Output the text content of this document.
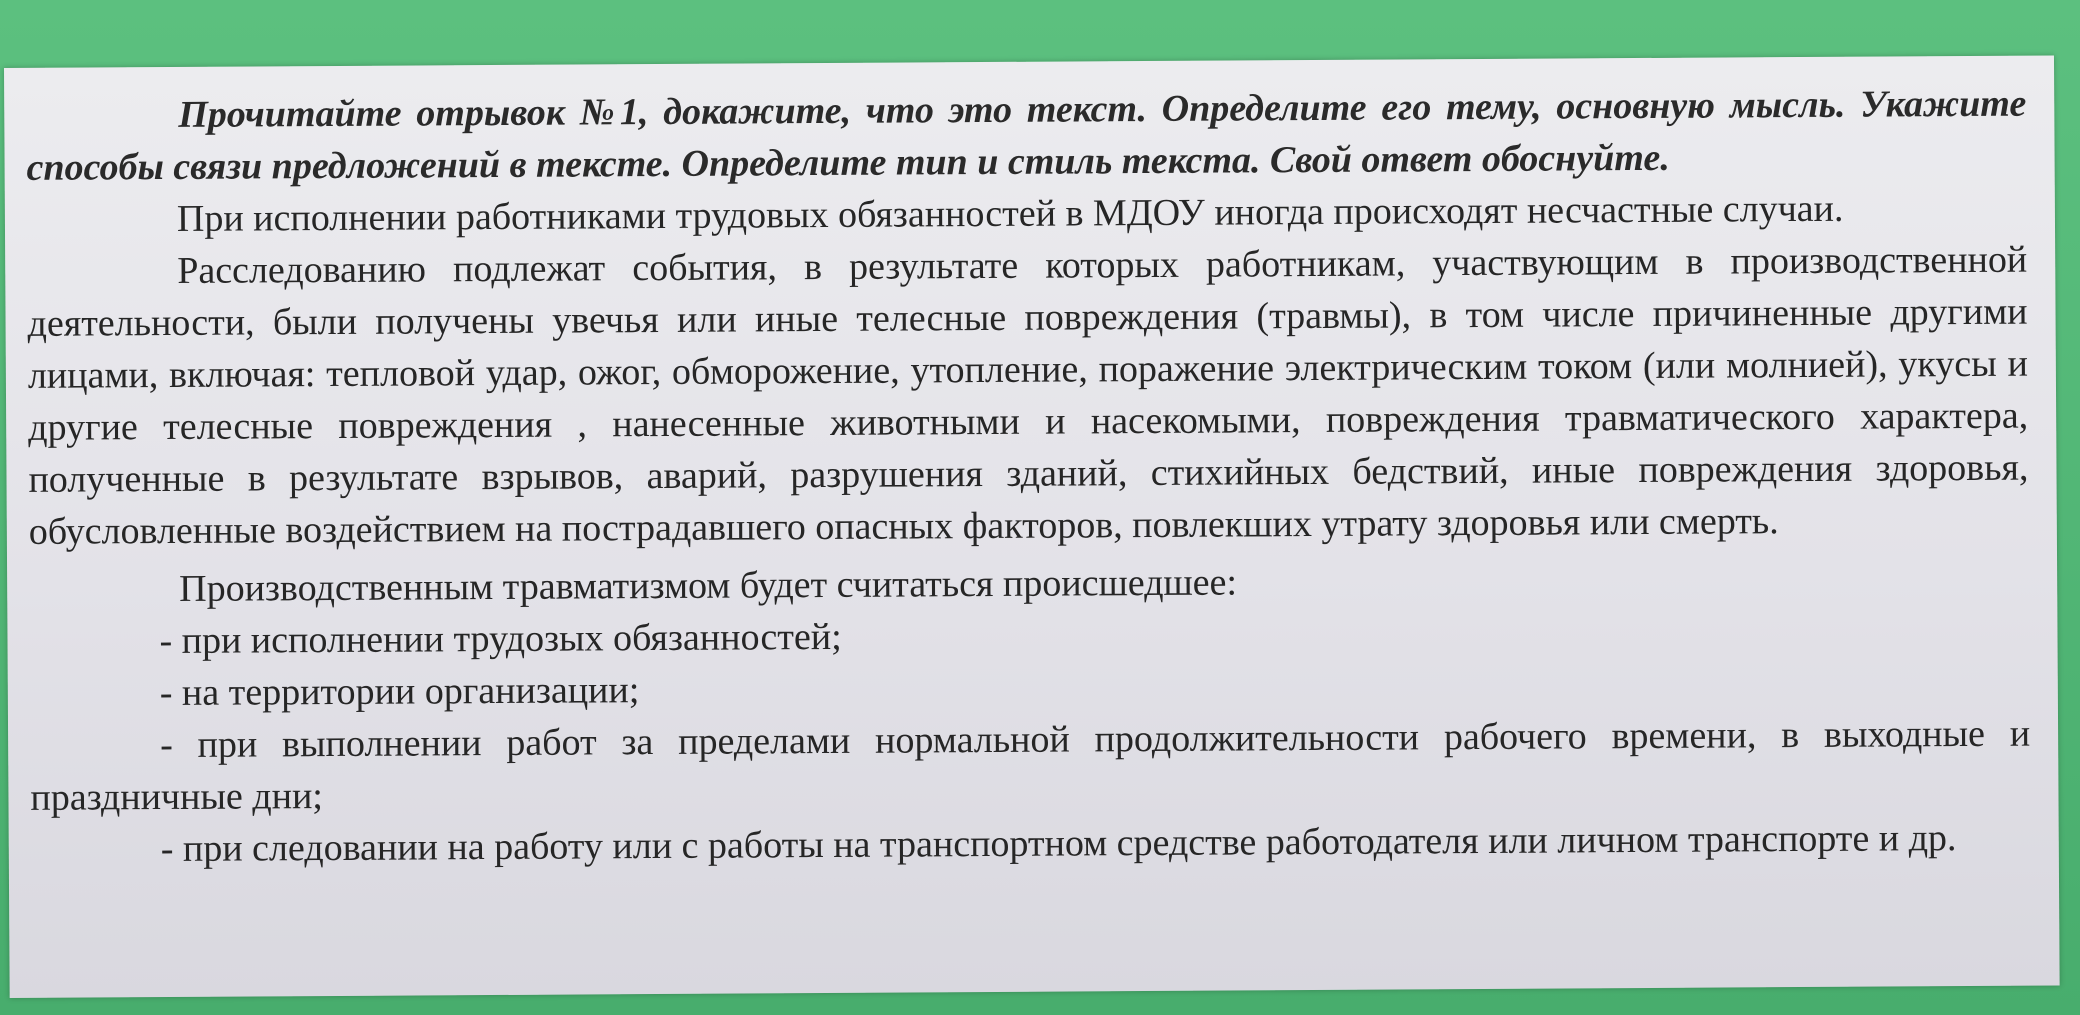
Прочитайте отрывок №1, докажите, что это текст. Определите его тему, основную мысль. Укажите способы связи предложений в тексте. Определите тип и стиль текста. Свой ответ обоснуйте.

При исполнении работниками трудовых обязанностей в МДОУ иногда происходят несчастные случаи.

Расследованию подлежат события, в результате которых работникам, участвующим в производственной деятельности, были получены увечья или иные телесные повреждения (травмы), в том числе причиненные другими лицами, включая: тепловой удар, ожог, обморожение, утопление, поражение электрическим током (или молнией), укусы и другие телесные повреждения , нанесенные животными и насекомыми, повреждения травматического характера, полученные в результате взрывов, аварий, разрушения зданий, стихийных бедствий, иные повреждения здоровья, обусловленные воздействием на пострадавшего опасных факторов, повлекших утрату здоровья или смерть.

Производственным травматизмом будет считаться происшедшее:

- при исполнении трудозых обязанностей;

- на территории организации;

- при выполнении работ за пределами нормальной продолжительности рабочего времени, в выходные и праздничные дни;

- при следовании на работу или с работы на транспортном средстве работодателя или личном транспорте и др.
